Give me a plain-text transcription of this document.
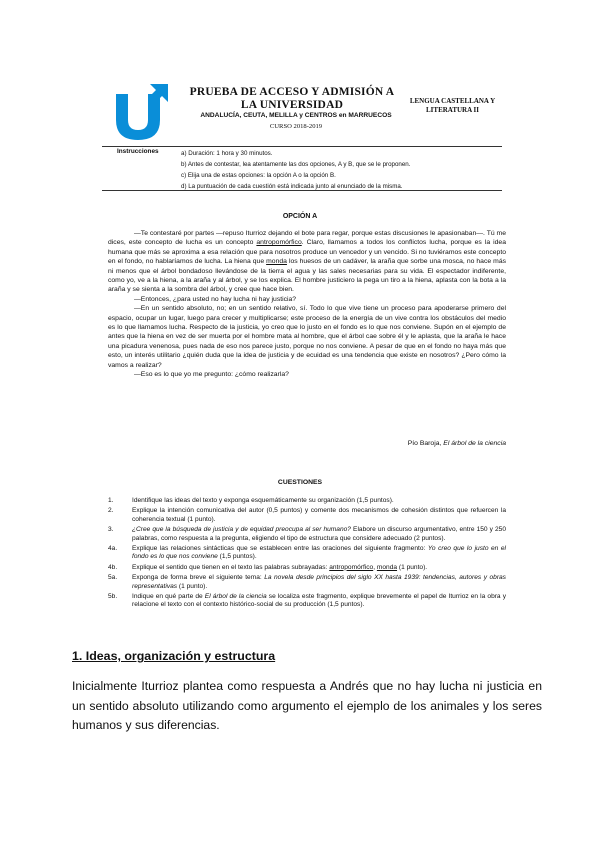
PRUEBA DE ACCESO Y ADMISIÓN A LA UNIVERSIDAD
ANDALUCÍA, CEUTA, MELILLA y CENTROS en MARRUECOS
CURSO 2018-2019
LENGUA CASTELLANA Y LITERATURA II
Instrucciones	a) Duración: 1 hora y 30 minutos.
b) Antes de contestar, lea atentamente las dos opciones, A y B, que se le proponen.
c) Elija una de estas opciones: la opción A o la opción B.
d) La puntuación de cada cuestión está indicada junto al enunciado de la misma.
OPCIÓN A

—Te contestaré por partes —repuso Iturrioz dejando el bote para regar, porque estas discusiones le apasionaban—. Tú me dices, este concepto de lucha es un concepto antropomórfico. Claro, llamamos a todos los conflictos lucha, porque es la idea humana que más se aproxima a esa relación que para nosotros produce un vencedor y un vencido. Si no tuviéramos este concepto en el fondo, no hablaríamos de lucha. La hiena que monda los huesos de un cadáver, la araña que sorbe una mosca, no hace más ni menos que el árbol bondadoso llevándose de la tierra el agua y las sales necesarias para su vida. El espectador indiferente, como yo, ve a la hiena, a la araña y al árbol, y se los explica. El hombre justiciero la pega un tiro a la hiena, aplasta con la bota a la araña y se sienta a la sombra del árbol, y cree que hace bien.

—Entonces, ¿para usted no hay lucha ni hay justicia?

—En un sentido absoluto, no; en un sentido relativo, sí. Todo lo que vive tiene un proceso para apoderarse primero del espacio, ocupar un lugar, luego para crecer y multiplicarse; este proceso de la energía de un vive contra los obstáculos del medio es lo que llamamos lucha. Respecto de la justicia, yo creo que lo justo en el fondo es lo que nos conviene. Supón en el ejemplo de antes que la hiena en vez de ser muerta por el hombre mata al hombre, que el árbol cae sobre él y le aplasta, que la araña le hace una picadura venenosa, pues nada de eso nos parece justo, porque no nos conviene. A pesar de que en el fondo no haya más que esto, un interés utilitario ¿quién duda que la idea de justicia y de ecuidad es una tendencia que existe en nosotros? ¿Pero cómo la vamos a realizar?

—Eso es lo que yo me pregunto: ¿cómo realizarla?

Pío Baroja, El árbol de la ciencia
CUESTIONES
1.	Identifique las ideas del texto y exponga esquemáticamente su organización (1,5 puntos).
2.	Explique la intención comunicativa del autor (0,5 puntos) y comente dos mecanismos de cohesión distintos que refuercen la coherencia textual (1 punto).
3.	¿Cree que la búsqueda de justicia y de equidad preocupa al ser humano? Elabore un discurso argumentativo, entre 150 y 250 palabras, como respuesta a la pregunta, eligiendo el tipo de estructura que considere adecuado (2 puntos).
4a.	Explique las relaciones sintácticas que se establecen entre las oraciones del siguiente fragmento: Yo creo que lo justo en el fondo es lo que nos conviene (1,5 puntos).
4b.	Explique el sentido que tienen en el texto las palabras subrayadas: antropomórfico, monda (1 punto).
5a.	Exponga de forma breve el siguiente tema: La novela desde principios del siglo XX hasta 1939: tendencias, autores y obras representativas (1 punto).
5b.	Indique en qué parte de El árbol de la ciencia se localiza este fragmento, explique brevemente el papel de Iturrioz en la obra y relacione el texto con el contexto histórico-social de su producción (1,5 puntos).
1. Ideas, organización y estructura
Inicialmente Iturrioz plantea como respuesta a Andrés que no hay lucha ni justicia en un sentido absoluto utilizando como argumento el ejemplo de los animales y los seres humanos y sus diferencias.
